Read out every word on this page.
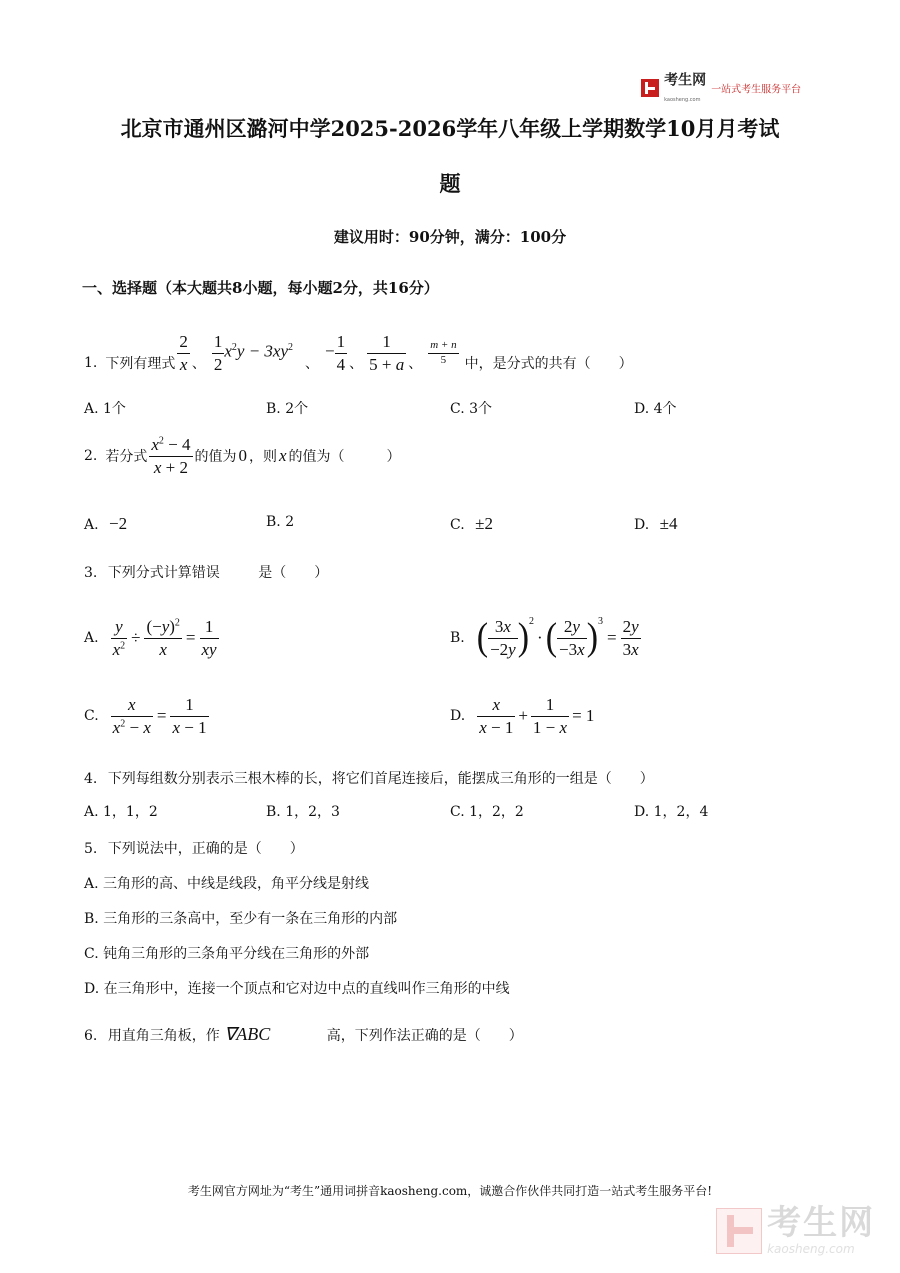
考生网
kaosheng.com 一站式考生服务平台
北京市通州区潞河中学2025-2026学年八年级上学期数学10月月考试
题
建议用时：90分钟，满分：100分
一、选择题（本大题共8小题，每小题2分，共16分）
1. 下列有理式 $\frac{2}{x}$ 、 $\frac{1}{2} x^2y - 3xy^2$
、
− $\frac{1}{4}$ 、 $\frac{1}{5 + a}$ 、 $\frac{m + n}{5}$ 中，是分式的共有（　　）
A. 1个	B. 2个	C. 3个	D. 4个
2. 若分式 $\frac{x^2 - 4}{x + 2}$ 的值为 0 ，则 x 的值为（　　　）
A. −2	B. 2	C. ±2	D. ±4
3. 下列分式计算错误	是（　　）
A. $\frac{y}{x^2} \div \frac{(-y)^2}{x} = \frac{1}{xy}$	B. ( $\frac{3x}{-2y} )^2$
· ( $\frac{2y}{-3x} )^3$
= $\frac{2y}{3x}$
C. $\frac{x}{x^2 - x} = \frac{1}{x - 1}$	D. $\frac{x}{x - 1} + \frac{1}{1 - x} = 1$
4. 下列每组数分别表示三根木棒的长，将它们首尾连接后，能摆成三角形的一组是（　　）
A. 1，1，2	B. 1，2，3	C. 1，2，2	D. 1，2，4
5. 下列说法中，正确的是（　　）
A. 三角形的高、中线是线段，角平分线是射线
B. 三角形的三条高中，至少有一条在三角形的内部
C. 钝角三角形的三条角平分线在三角形的外部
D. 在三角形中，连接一个顶点和它对边中点的直线叫作三角形的中线
6. 用直角三角板，作 ∇ABC	高，下列作法正确的是（　　）
考生网官方网址为“考生”通用词拼音kaosheng.com，诚邀合作伙伴共同打造一站式考生服务平台!
考生网
kaosheng.com
